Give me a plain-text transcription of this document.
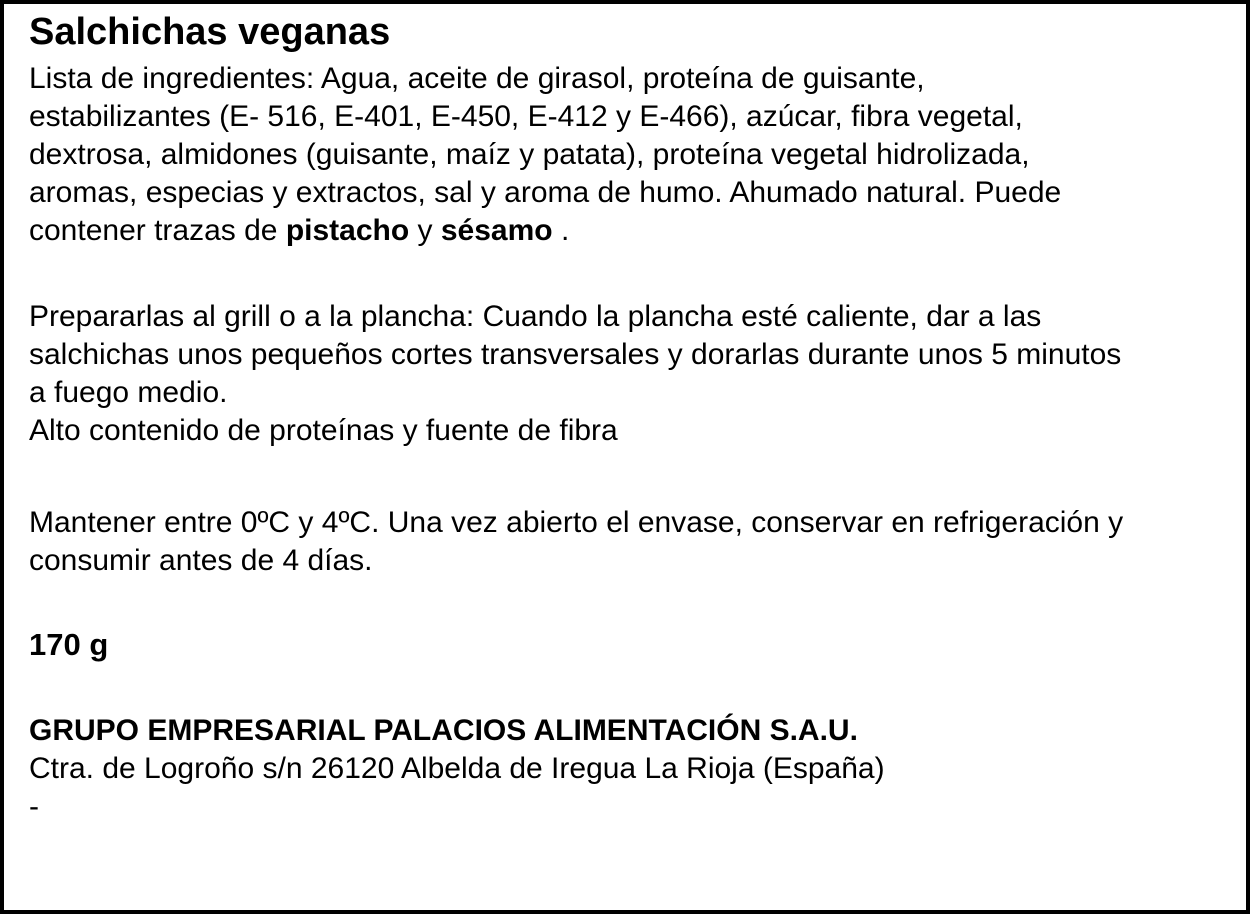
Salchichas veganas
Lista de ingredientes: Agua, aceite de girasol, proteína de guisante,
estabilizantes (E- 516, E-401, E-450, E-412 y E-466), azúcar, fibra vegetal,
dextrosa, almidones (guisante, maíz y patata), proteína vegetal hidrolizada,
aromas, especias y extractos, sal y aroma de humo. Ahumado natural. Puede
contener trazas de pistacho y sésamo .
Prepararlas al grill o a la plancha: Cuando la plancha esté caliente, dar a las
salchichas unos pequeños cortes transversales y dorarlas durante unos 5 minutos
a fuego medio.
Alto contenido de proteínas y fuente de fibra
Mantener entre 0ºC y 4ºC. Una vez abierto el envase, conservar en refrigeración y
consumir antes de 4 días.
170 g
GRUPO EMPRESARIAL PALACIOS ALIMENTACIÓN S.A.U.
Ctra. de Logroño s/n 26120 Albelda de Iregua La Rioja (España)
-
